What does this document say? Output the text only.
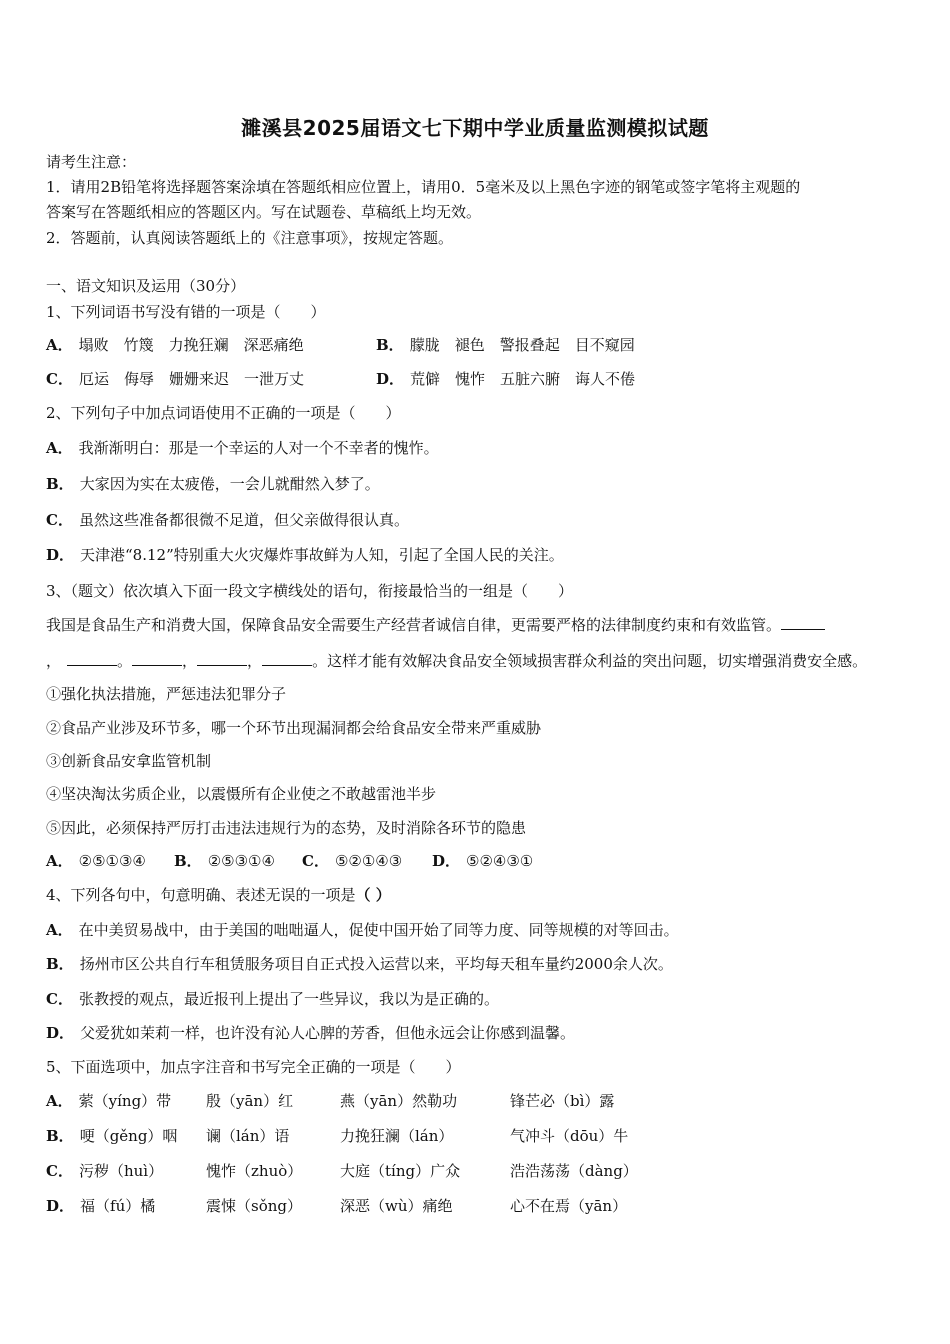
濉溪县2025届语文七下期中学业质量监测模拟试题
请考生注意：
1．请用2B铅笔将选择题答案涂填在答题纸相应位置上，请用0．5毫米及以上黑色字迹的钢笔或签字笔将主观题的
答案写在答题纸相应的答题区内。写在试题卷、草稿纸上均无效。
2．答题前，认真阅读答题纸上的《注意事项》，按规定答题。
一、语文知识及运用（30分）
1、下列词语书写没有错的一项是（　　）
A． 塌败　竹篾　力挽狂斓　深恶痛绝	B． 朦胧　褪色　警报叠起　目不窥园
C． 厄运　侮辱　姗姗来迟　一泄万丈	D． 荒僻　愧怍　五脏六腑　诲人不倦
2、下列句子中加点词语使用不正确的一项是（　　）
A． 我渐渐明白：那是一个幸运的人对一个不幸者的愧怍。
B． 大家因为实在太疲倦，一会儿就酣然入梦了。
C． 虽然这些准备都很微不足道，但父亲做得很认真。
D． 天津港“8.12”特别重大火灾爆炸事故鲜为人知，引起了全国人民的关注。
3、（题文）依次填入下面一段文字横线处的语句，衔接最恰当的一组是（　　）
我国是食品生产和消费大国，保障食品安全需要生产经营者诚信自律，更需要严格的法律制度约束和有效监管。
，	。	，	，	。这样才能有效解决食品安全领域损害群众利益的突出问题，切实增强消费安全感。
①强化执法措施，严惩违法犯罪分子
②食品产业涉及环节多，哪一个环节出现漏洞都会给食品安全带来严重威胁
③创新食品安拿监管机制
④坚决淘汰劣质企业，以震慑所有企业使之不敢越雷池半步
⑤因此，必须保持严厉打击违法违规行为的态势，及时消除各环节的隐患
A． ②⑤①③④ B． ②⑤③①④ C． ⑤②①④③ D． ⑤②④③①
4、下列各句中，句意明确、表述无误的一项是（ ）
A． 在中美贸易战中，由于美国的咄咄逼人，促使中国开始了同等力度、同等规模的对等回击。
B． 扬州市区公共自行车租赁服务项目自正式投入运营以来，平均每天租车量约2000余人次。
C． 张教授的观点，最近报刊上提出了一些异议，我以为是正确的。
D． 父爱犹如茉莉一样，也许没有沁人心脾的芳香，但他永远会让你感到温馨。
5、下面选项中，加点字注音和书写完全正确的一项是（　　）
A． 萦（yíng）带 殷（yān）红	燕（yān）然勒功	锋芒必（bì）露
B． 哽（gěng）咽 谰（lán）语	力挽狂澜（lán）	气冲斗（dōu）牛
C． 污秽（huì）	愧怍（zhuò）	大庭（tíng）广众	浩浩荡荡（dàng）
D． 福（fú）橘	震悚（sǒng）	深恶（wù）痛绝	心不在焉（yān）
